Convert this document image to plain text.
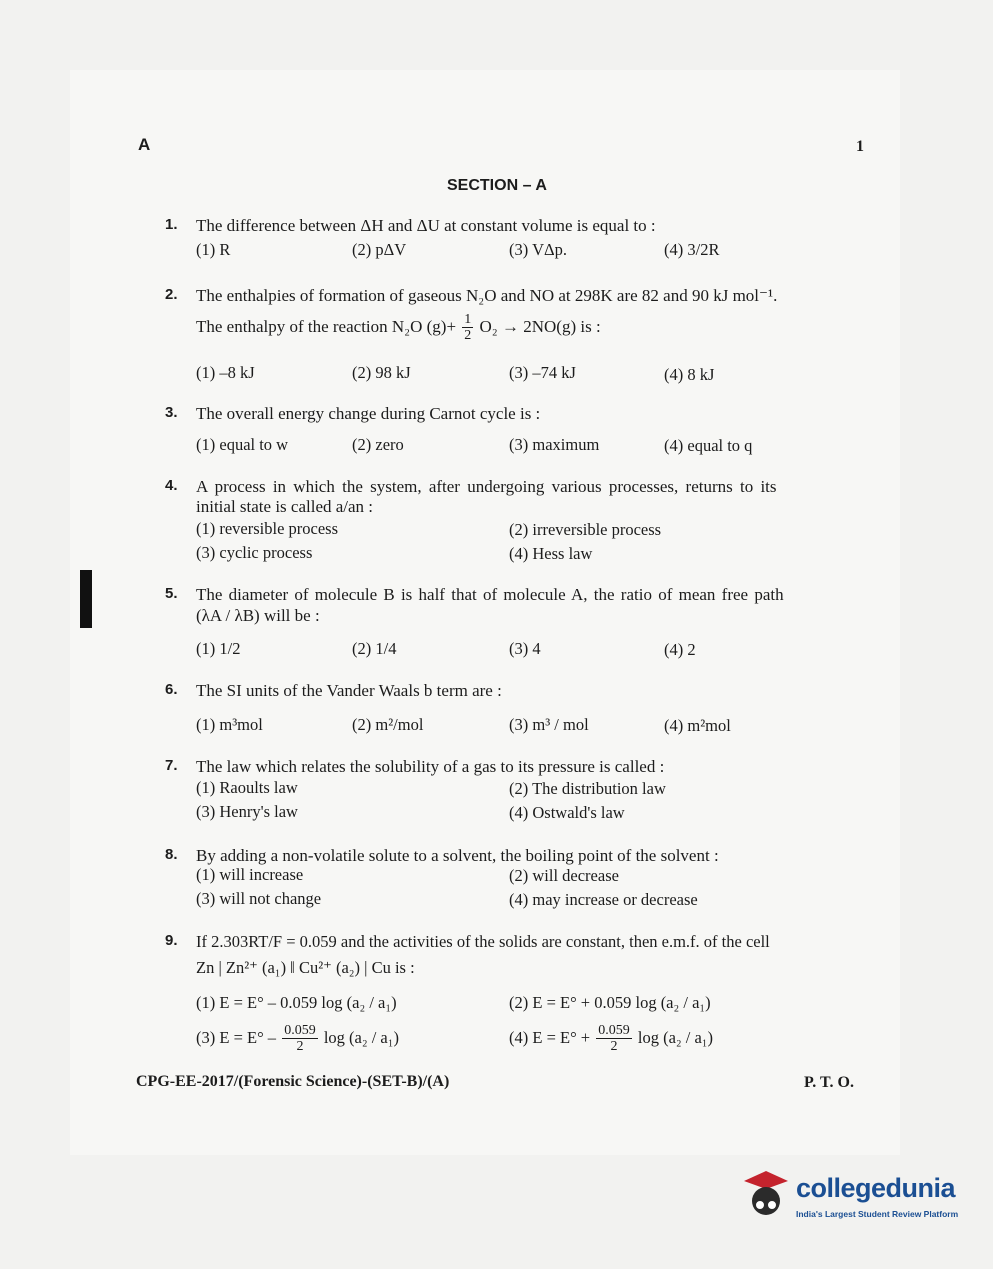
A	1
SECTION – A
1. The difference between ΔH and ΔU at constant volume is equal to :
(1) R	(2) pΔV	(3) VΔp.	(4) 3/2R
2. The enthalpies of formation of gaseous N₂O and NO at 298K are 82 and 90 kJ mol⁻¹.
The enthalpy of the reaction N₂O $(g)+ \frac{1}{2} O_2 \to 2NO(g)$ is :
(1) –8 kJ	(2) 98 kJ	(3) –74 kJ	(4) 8 kJ
3. The overall energy change during Carnot cycle is :
(1) equal to w	(2) zero	(3) maximum	(4) equal to q
4. A process in which the system, after undergoing various processes, returns to its
initial state is called a/an :
(1) reversible process	(2) irreversible process
(3) cyclic process	(4) Hess law
5. The diameter of molecule B is half that of molecule A, the ratio of mean free path
(λA / λB) will be :
(1) 1/2	(2) 1/4	(3) 4	(4) 2
6. The SI units of the Vander Waals b term are :
(1) m³mol	(2) m²/mol	(3) m³ / mol	(4) m²mol
7. The law which relates the solubility of a gas to its pressure is called :
(1) Raoults law	(2) The distribution law
(3) Henry's law	(4) Ostwald's law
8. By adding a non-volatile solute to a solvent, the boiling point of the solvent :
(1) will increase	(2) will decrease
(3) will not change	(4) may increase or decrease
9. If 2.303RT/F = 0.059 and the activities of the solids are constant, then e.m.f. of the cell
Zn | Zn²⁺ (a₁) ‖ Cu²⁺ (a₂) | Cu is :
(1) E = E° – 0.059 log (a₂ / a₁)	(2) E = E° + 0.059 log (a₂ / a₁)
(3) $E = E^\circ - \frac{0.059}{2}$ log (a₂ / a₁)	(4) $E = E^\circ + \frac{0.059}{2}$ log (a₂ / a₁)
CPG-EE-2017/(Forensic Science)-(SET-B)/(A)	P. T. O.
collegedunia
India's Largest Student Review Platform
